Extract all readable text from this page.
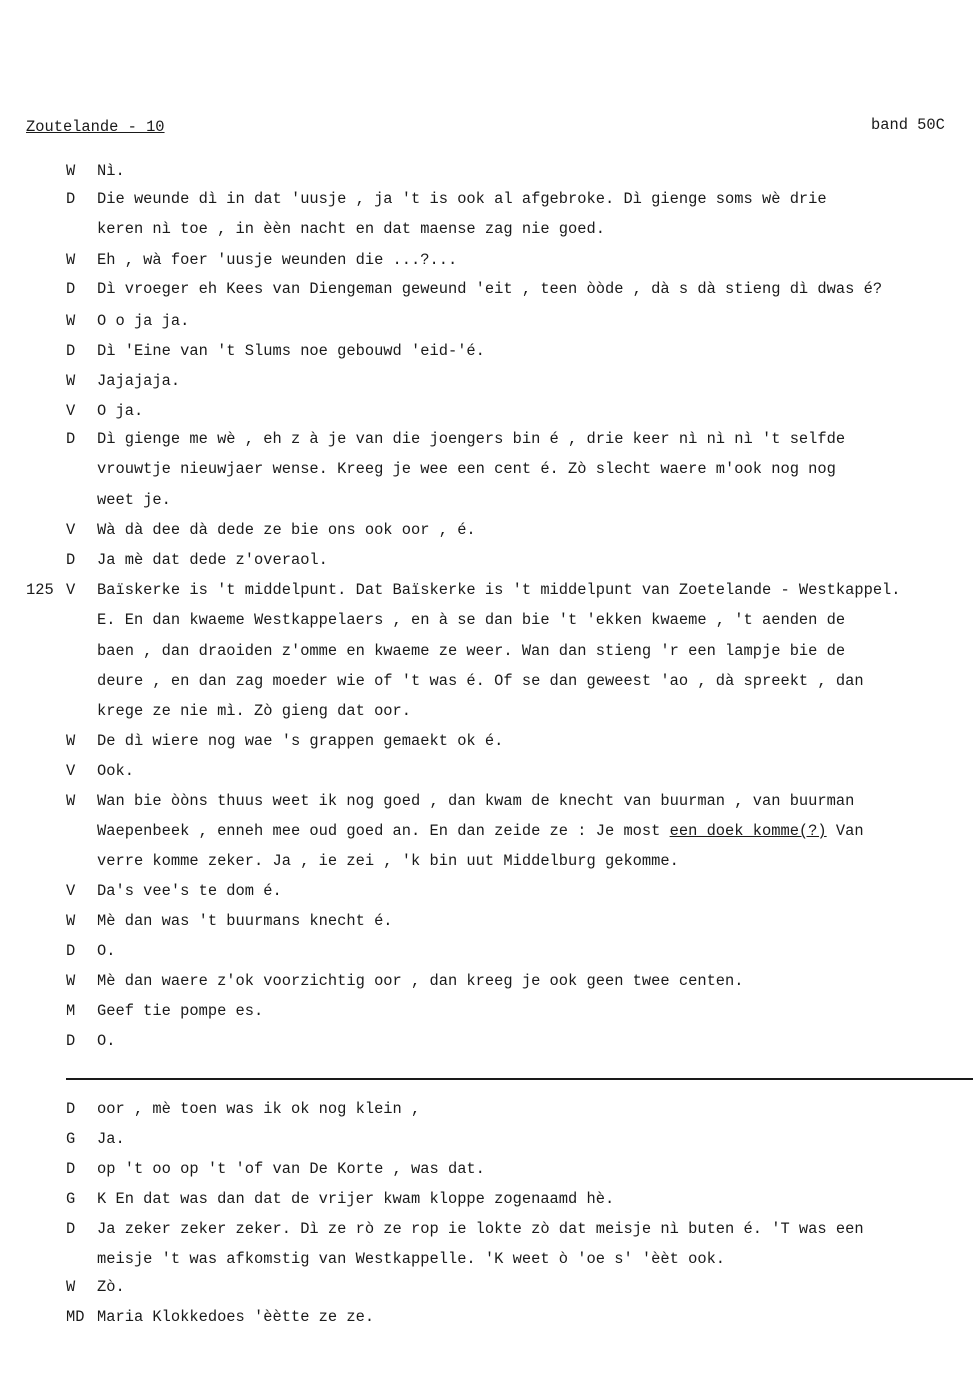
Zoutelande - 10	band 50C
W Nì.
D Die weunde dì in dat 'uusje , ja 't is ook al afgebroke. Dì gienge soms wè drie
keren nì toe , in èèn nacht en dat maense zag nie goed.
W Eh , wà foer 'uusje weunden die ...?...
D Dì vroeger eh Kees van Diengeman geweund 'eit , teen òòde , dà s dà stieng dì dwas é?
W O o ja ja.
D Dì 'Eine van 't Slums noe gebouwd 'eid-'é.
W Jajajaja.
V O ja.
D Dì gienge me wè , eh z à je van die joengers bin é , drie keer nì nì nì 't selfde
vrouwtje nieuwjaer wense. Kreeg je wee een cent é. Zò slecht waere m'ook nog nog
weet je.
V Wà dà dee dà dede ze bie ons ook oor , é.
D Ja mè dat dede z'overaol.
125 V Baïskerke is 't middelpunt. Dat Baïskerke is 't middelpunt van Zoetelande - Westkappel.
E. En dan kwaeme Westkappelaers , en à se dan bie 't 'ekken kwaeme , 't aenden de
baen , dan draoiden z'omme en kwaeme ze weer. Wan dan stieng 'r een lampje bie de
deure , en dan zag moeder wie of 't was é. Of se dan geweest 'ao , dà spreekt , dan
krege ze nie mì. Zò gieng dat oor.
W De dì wiere nog wae 's grappen gemaekt ok é.
V Ook.
W Wan bie òòns thuus weet ik nog goed , dan kwam de knecht van buurman , van buurman
Waepenbeek , enneh mee oud goed an. En dan zeide ze : Je most een doek komme(?) Van
verre komme zeker. Ja , ie zei , 'k bin uut Middelburg gekomme.
V Da's vee's te dom é.
W Mè dan was 't buurmans knecht é.
D O.
W Mè dan waere z'ok voorzichtig oor , dan kreeg je ook geen twee centen.
M Geef tie pompe es.
D O.
D oor , mè toen was ik ok nog klein ,
G Ja.
D op 't oo op 't 'of van De Korte , was dat.
G K En dat was dan dat de vrijer kwam kloppe zogenaamd hè.
D Ja zeker zeker zeker. Dì ze rò ze rop ie lokte zò dat meisje nì buten é. 'T was een
meisje 't was afkomstig van Westkappelle. 'K weet ò 'oe s' 'èèt ook.
W Zò.
MD Maria Klokkedoes 'èètte ze ze.
